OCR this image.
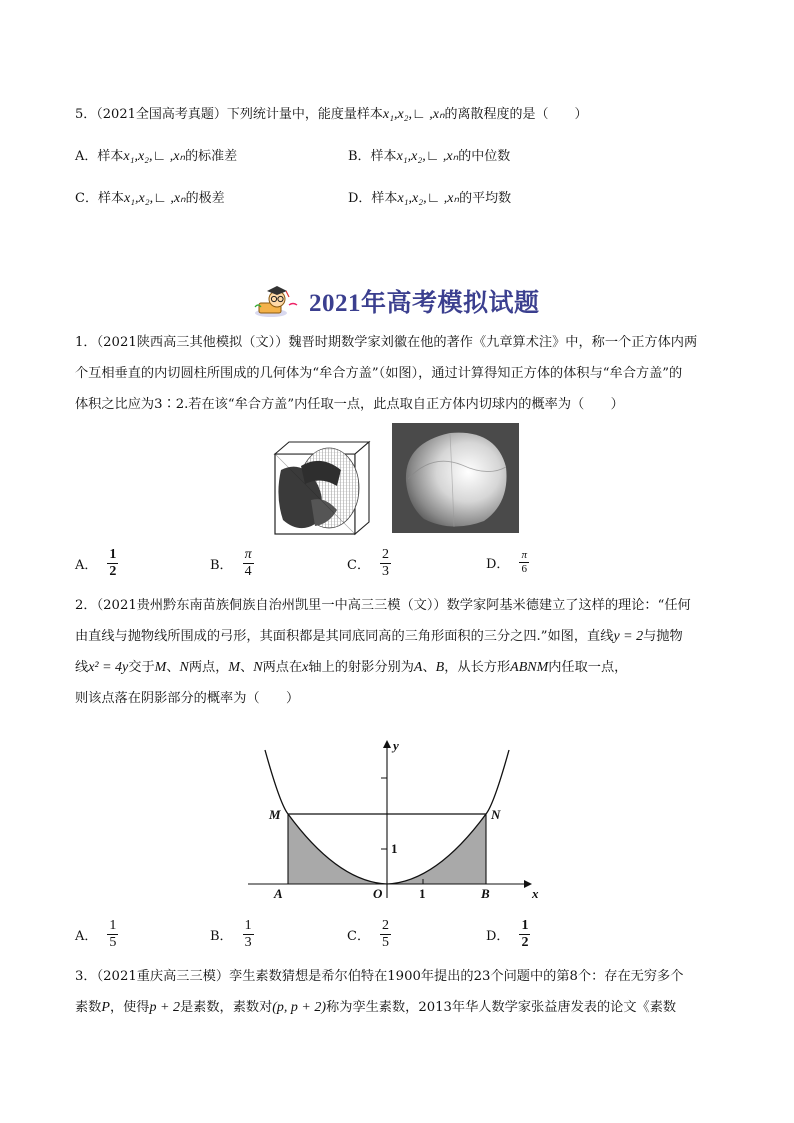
5．（2021全国高考真题）下列统计量中，能度量样本x₁,x₂,∟ ,xₙ的离散程度的是（　　）
A．样本x₁,x₂,∟ ,xₙ的标准差	B．样本x₁,x₂,∟ ,xₙ的中位数
C．样本x₁,x₂,∟ ,xₙ的极差	D．样本x₁,x₂,∟ ,xₙ的平均数
2021年高考模拟试题
1．（2021陕西高三其他模拟（文））魏晋时期数学家刘徽在他的著作《九章算术注》中，称一个正方体内两
个互相垂直的内切圆柱所围成的几何体为“牟合方盖”（如图），通过计算得知正方体的体积与“牟合方盖”的
体积之比应为3∶2.若在该“牟合方盖”内任取一点，此点取自正方体内切球内的概率为（　　）
A． $\frac{1}{2}$	B． $\frac{\pi}{4}$	C． $\frac{2}{3}$	D． $\frac{\pi}{6}$
2．（2021贵州黔东南苗族侗族自治州凯里一中高三三模（文））数学家阿基米德建立了这样的理论：“任何
由直线与抛物线所围成的弓形，其面积都是其同底同高的三角形面积的三分之四.”如图，直线y = 2与抛物
线x² = 4y交于M、N两点，M、N两点在x轴上的射影分别为A、B，从长方形ABNM内任取一点，
则该点落在阴影部分的概率为（　　）
M	N
A	B
O	1
1
x
y
A． $\frac{1}{5}$	B． $\frac{1}{3}$	C． $\frac{2}{5}$	D． $\frac{1}{2}$
3．（2021重庆高三三模）孪生素数猜想是希尔伯特在1900年提出的23个问题中的第8个：存在无穷多个
素数P，使得p + 2是素数，素数对(p, p + 2)称为孪生素数，2013年华人数学家张益唐发表的论文《素数
